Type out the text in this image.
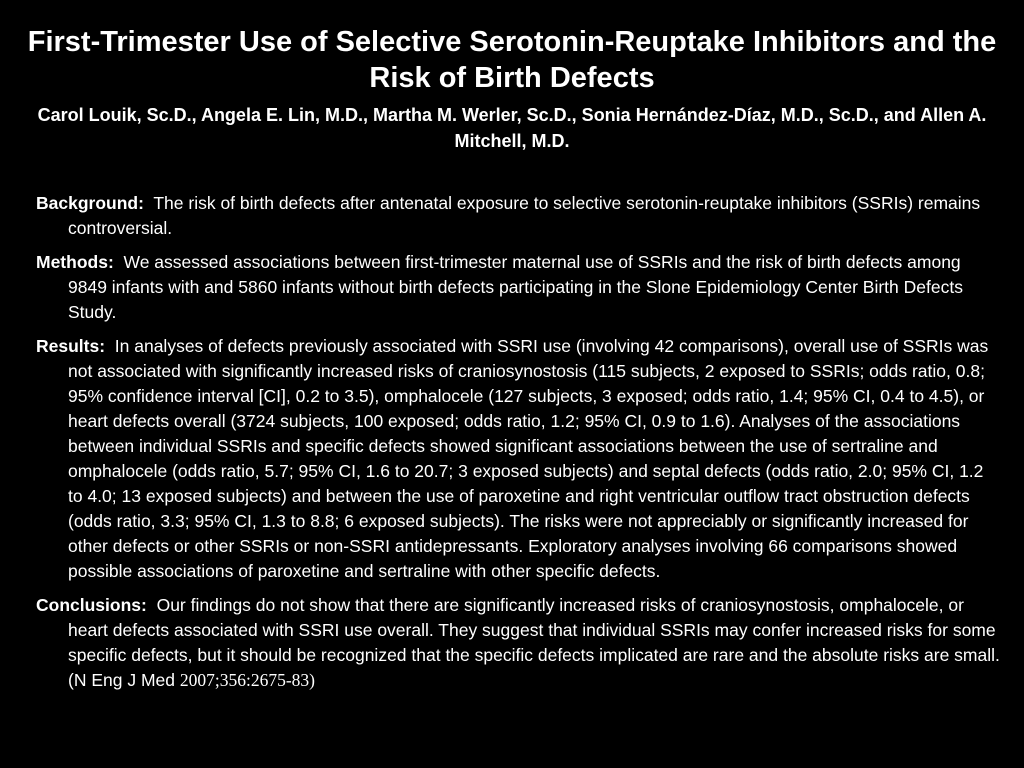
First-Trimester Use of Selective Serotonin-Reuptake Inhibitors and the Risk of Birth Defects

Carol Louik, Sc.D., Angela E. Lin, M.D., Martha M. Werler, Sc.D., Sonia Hernández-Díaz, M.D., Sc.D., and Allen A. Mitchell, M.D.

Background: The risk of birth defects after antenatal exposure to selective serotonin-reuptake inhibitors (SSRIs) remains controversial.

Methods: We assessed associations between first-trimester maternal use of SSRIs and the risk of birth defects among 9849 infants with and 5860 infants without birth defects participating in the Slone Epidemiology Center Birth Defects Study.

Results: In analyses of defects previously associated with SSRI use (involving 42 comparisons), overall use of SSRIs was not associated with significantly increased risks of craniosynostosis (115 subjects, 2 exposed to SSRIs; odds ratio, 0.8; 95% confidence interval [CI], 0.2 to 3.5), omphalocele (127 subjects, 3 exposed; odds ratio, 1.4; 95% CI, 0.4 to 4.5), or heart defects overall (3724 subjects, 100 exposed; odds ratio, 1.2; 95% CI, 0.9 to 1.6). Analyses of the associations between individual SSRIs and specific defects showed significant associations between the use of sertraline and omphalocele (odds ratio, 5.7; 95% CI, 1.6 to 20.7; 3 exposed subjects) and septal defects (odds ratio, 2.0; 95% CI, 1.2 to 4.0; 13 exposed subjects) and between the use of paroxetine and right ventricular outflow tract obstruction defects (odds ratio, 3.3; 95% CI, 1.3 to 8.8; 6 exposed subjects). The risks were not appreciably or significantly increased for other defects or other SSRIs or non-SSRI antidepressants. Exploratory analyses involving 66 comparisons showed possible associations of paroxetine and sertraline with other specific defects.

Conclusions: Our findings do not show that there are significantly increased risks of craniosynostosis, omphalocele, or heart defects associated with SSRI use overall. They suggest that individual SSRIs may confer increased risks for some specific defects, but it should be recognized that the specific defects implicated are rare and the absolute risks are small. (N Eng J Med 2007;356:2675-83)
